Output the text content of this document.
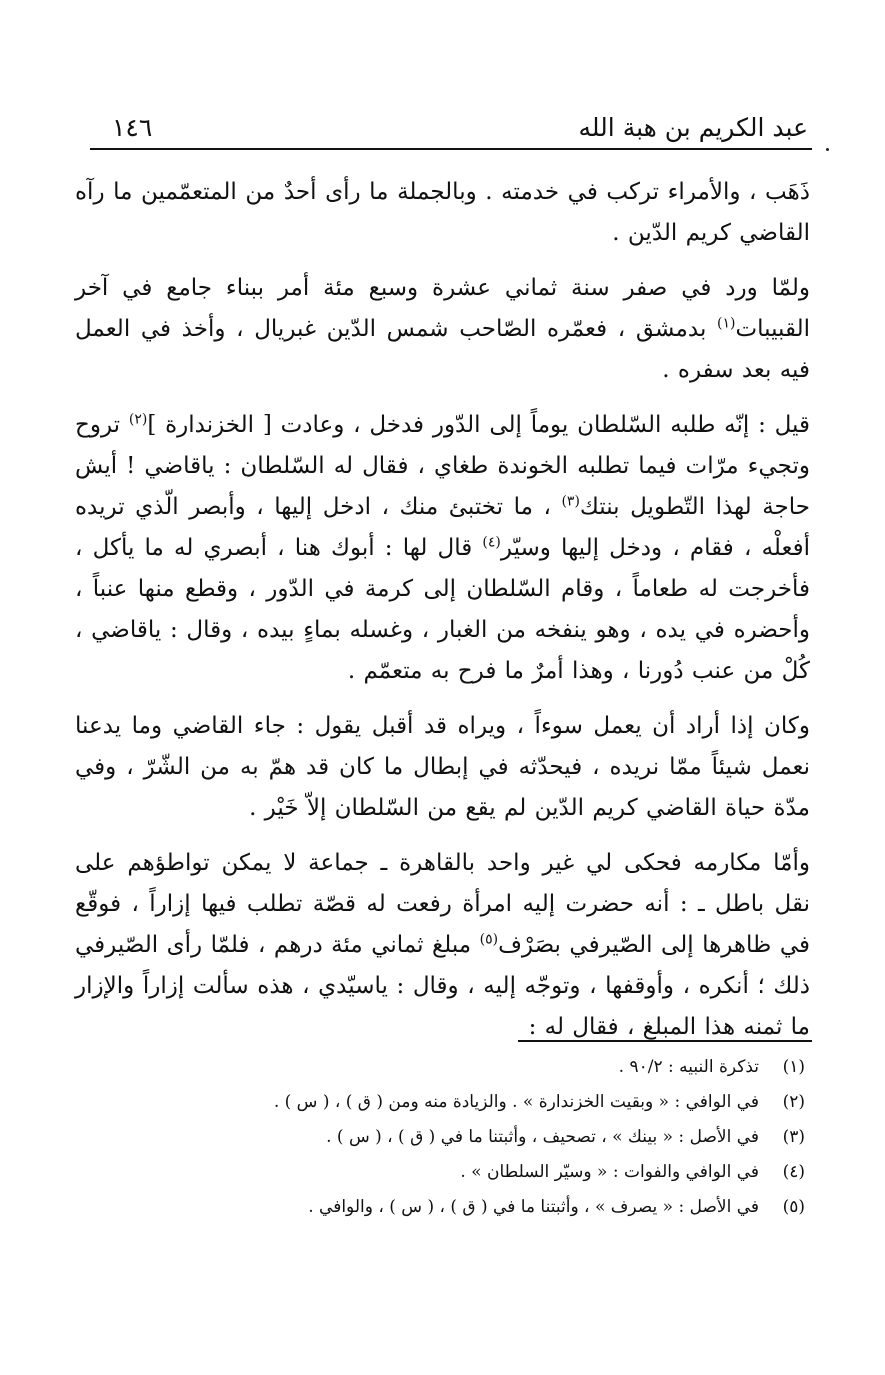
عبد الكريم بن هبة الله
١٤٦

ذَهَب ، والأمراء تركب في خدمته . وبالجملة ما رأى أحدٌ من المتعمّمين ما رآه القاضي كريم الدّين .

ولمّا ورد في صفر سنة ثماني عشرة وسبع مئة أمر ببناء جامع في آخر القبيبات$^{(١)}$ بدمشق ، فعمّره الصّاحب شمس الدّين غبريال ، وأخذ في العمل فيه بعد سفره .

قيل : إنّه طلبه السّلطان يوماً إلى الدّور فدخل ، وعادت [ الخزندارة ]$^{(٢)}$ تروح وتجيء مرّات فيما تطلبه الخوندة طغاي ، فقال له السّلطان : ياقاضي ! أيش حاجة لهذا التّطويل بنتك$^{(٣)}$ ، ما تختبئ منك ، ادخل إليها ، وأبصر الّذي تريده أفعلْه ، فقام ، ودخل إليها وسيّر$^{(٤)}$ قال لها : أبوك هنا ، أبصري له ما يأكل ، فأخرجت له طعاماً ، وقام السّلطان إلى كرمة في الدّور ، وقطع منها عنباً ، وأحضره في يده ، وهو ينفخه من الغبار ، وغسله بماءٍ بيده ، وقال : ياقاضي ، كُلْ من عنب دُورنا ، وهذا أمرٌ ما فرح به متعمّم .

وكان إذا أراد أن يعمل سوءاً ، ويراه قد أقبل يقول : جاء القاضي وما يدعنا نعمل شيئاً ممّا نريده ، فيحدّثه في إبطال ما كان قد همّ به من الشّرّ ، وفي مدّة حياة القاضي كريم الدّين لم يقع من السّلطان إلاّ خَيْر .

وأمّا مكارمه فحكى لي غير واحد بالقاهرة ـ جماعة لا يمكن تواطؤهم على نقل باطل ـ : أنه حضرت إليه امرأة رفعت له قصّة تطلب فيها إزاراً ، فوقّع في ظاهرها إلى الصّيرفي بصَرْف$^{(٥)}$ مبلغ ثماني مئة درهم ، فلمّا رأى الصّيرفي ذلك ؛ أنكره ، وأوقفها ، وتوجّه إليه ، وقال : ياسيّدي ، هذه سألت إزاراً والإزار ما ثمنه هذا المبلغ ، فقال له :

(١)
تذكرة النبيه : ٩٠/٢ .
(٢)
في الوافي : « وبقيت الخزندارة » . والزيادة منه ومن ( ق ) ، ( س ) .
(٣)
في الأصل : « بينك » ، تصحيف ، وأثبتنا ما في ( ق ) ، ( س ) .
(٤)
في الوافي والفوات : « وسيّر السلطان » .
(٥)
في الأصل : « يصرف » ، وأثبتنا ما في ( ق ) ، ( س ) ، والوافي .
